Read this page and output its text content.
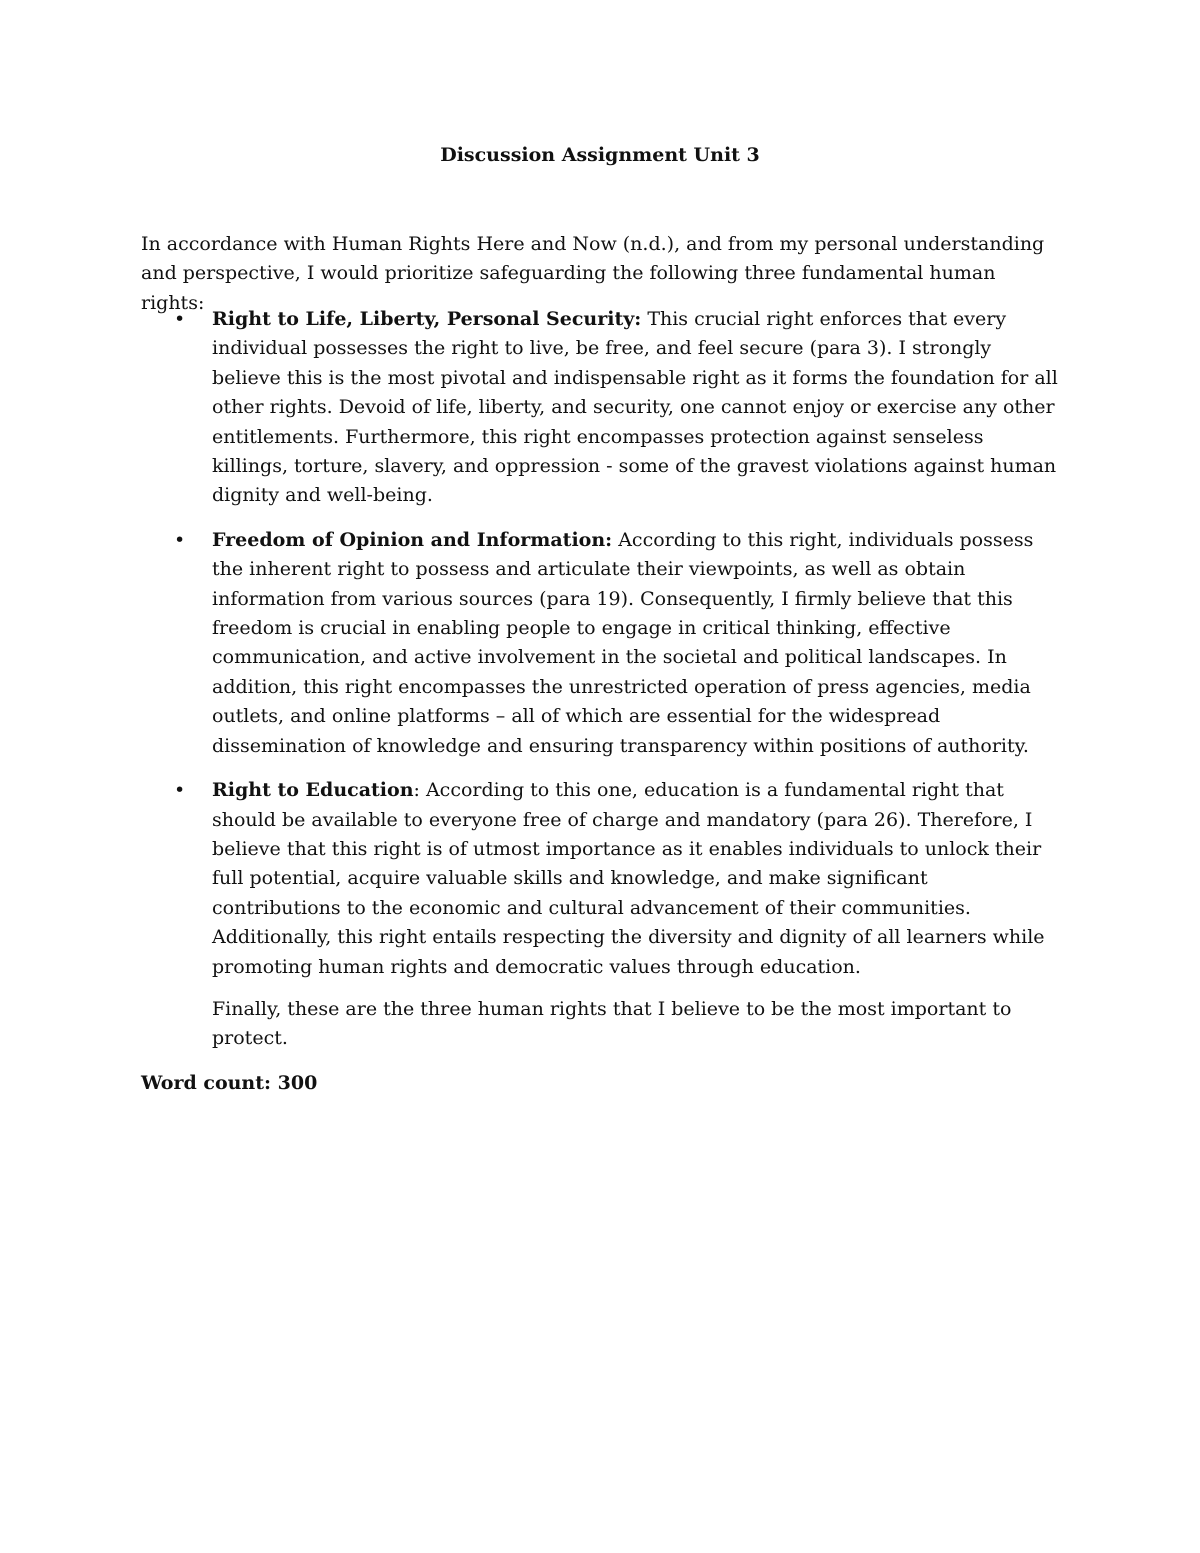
Discussion Assignment Unit 3

In accordance with Human Rights Here and Now (n.d.), and from my personal understanding and perspective, I would prioritize safeguarding the following three fundamental human rights:

• Right to Life, Liberty, Personal Security: This crucial right enforces that every individual possesses the right to live, be free, and feel secure (para 3). I strongly believe this is the most pivotal and indispensable right as it forms the foundation for all other rights. Devoid of life, liberty, and security, one cannot enjoy or exercise any other entitlements. Furthermore, this right encompasses protection against senseless killings, torture, slavery, and oppression - some of the gravest violations against human dignity and well-being.
• Freedom of Opinion and Information: According to this right, individuals possess the inherent right to possess and articulate their viewpoints, as well as obtain information from various sources (para 19). Consequently, I firmly believe that this freedom is crucial in enabling people to engage in critical thinking, effective communication, and active involvement in the societal and political landscapes. In addition, this right encompasses the unrestricted operation of press agencies, media outlets, and online platforms – all of which are essential for the widespread dissemination of knowledge and ensuring transparency within positions of authority.
• Right to Education: According to this one, education is a fundamental right that should be available to everyone free of charge and mandatory (para 26). Therefore, I believe that this right is of utmost importance as it enables individuals to unlock their full potential, acquire valuable skills and knowledge, and make significant contributions to the economic and cultural advancement of their communities. Additionally, this right entails respecting the diversity and dignity of all learners while promoting human rights and democratic values through education.

Finally, these are the three human rights that I believe to be the most important to protect.

Word count: 300
